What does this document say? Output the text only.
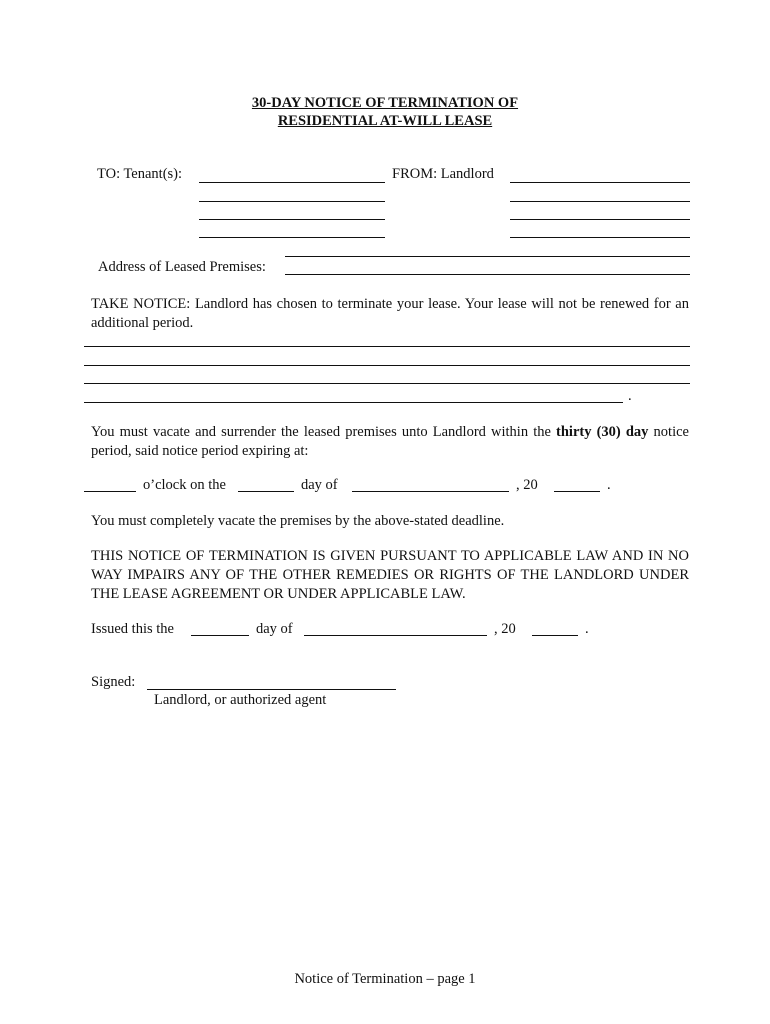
30-DAY NOTICE OF TERMINATION OF
RESIDENTIAL AT-WILL LEASE
TO: Tenant(s):	FROM: Landlord
Address of Leased Premises:
TAKE NOTICE: Landlord has chosen to terminate your lease. Your lease will not be renewed for an additional period.
.
You must vacate and surrender the leased premises unto Landlord within the thirty (30) day notice period, said notice period expiring at:
o’clock on the	day of	, 20	.
You must completely vacate the premises by the above-stated deadline.
THIS NOTICE OF TERMINATION IS GIVEN PURSUANT TO APPLICABLE LAW AND IN NO WAY IMPAIRS ANY OF THE OTHER REMEDIES OR RIGHTS OF THE LANDLORD UNDER THE LEASE AGREEMENT OR UNDER APPLICABLE LAW.
Issued this the	day of	, 20	.
Signed:
Landlord, or authorized agent
Notice of Termination – page 1
